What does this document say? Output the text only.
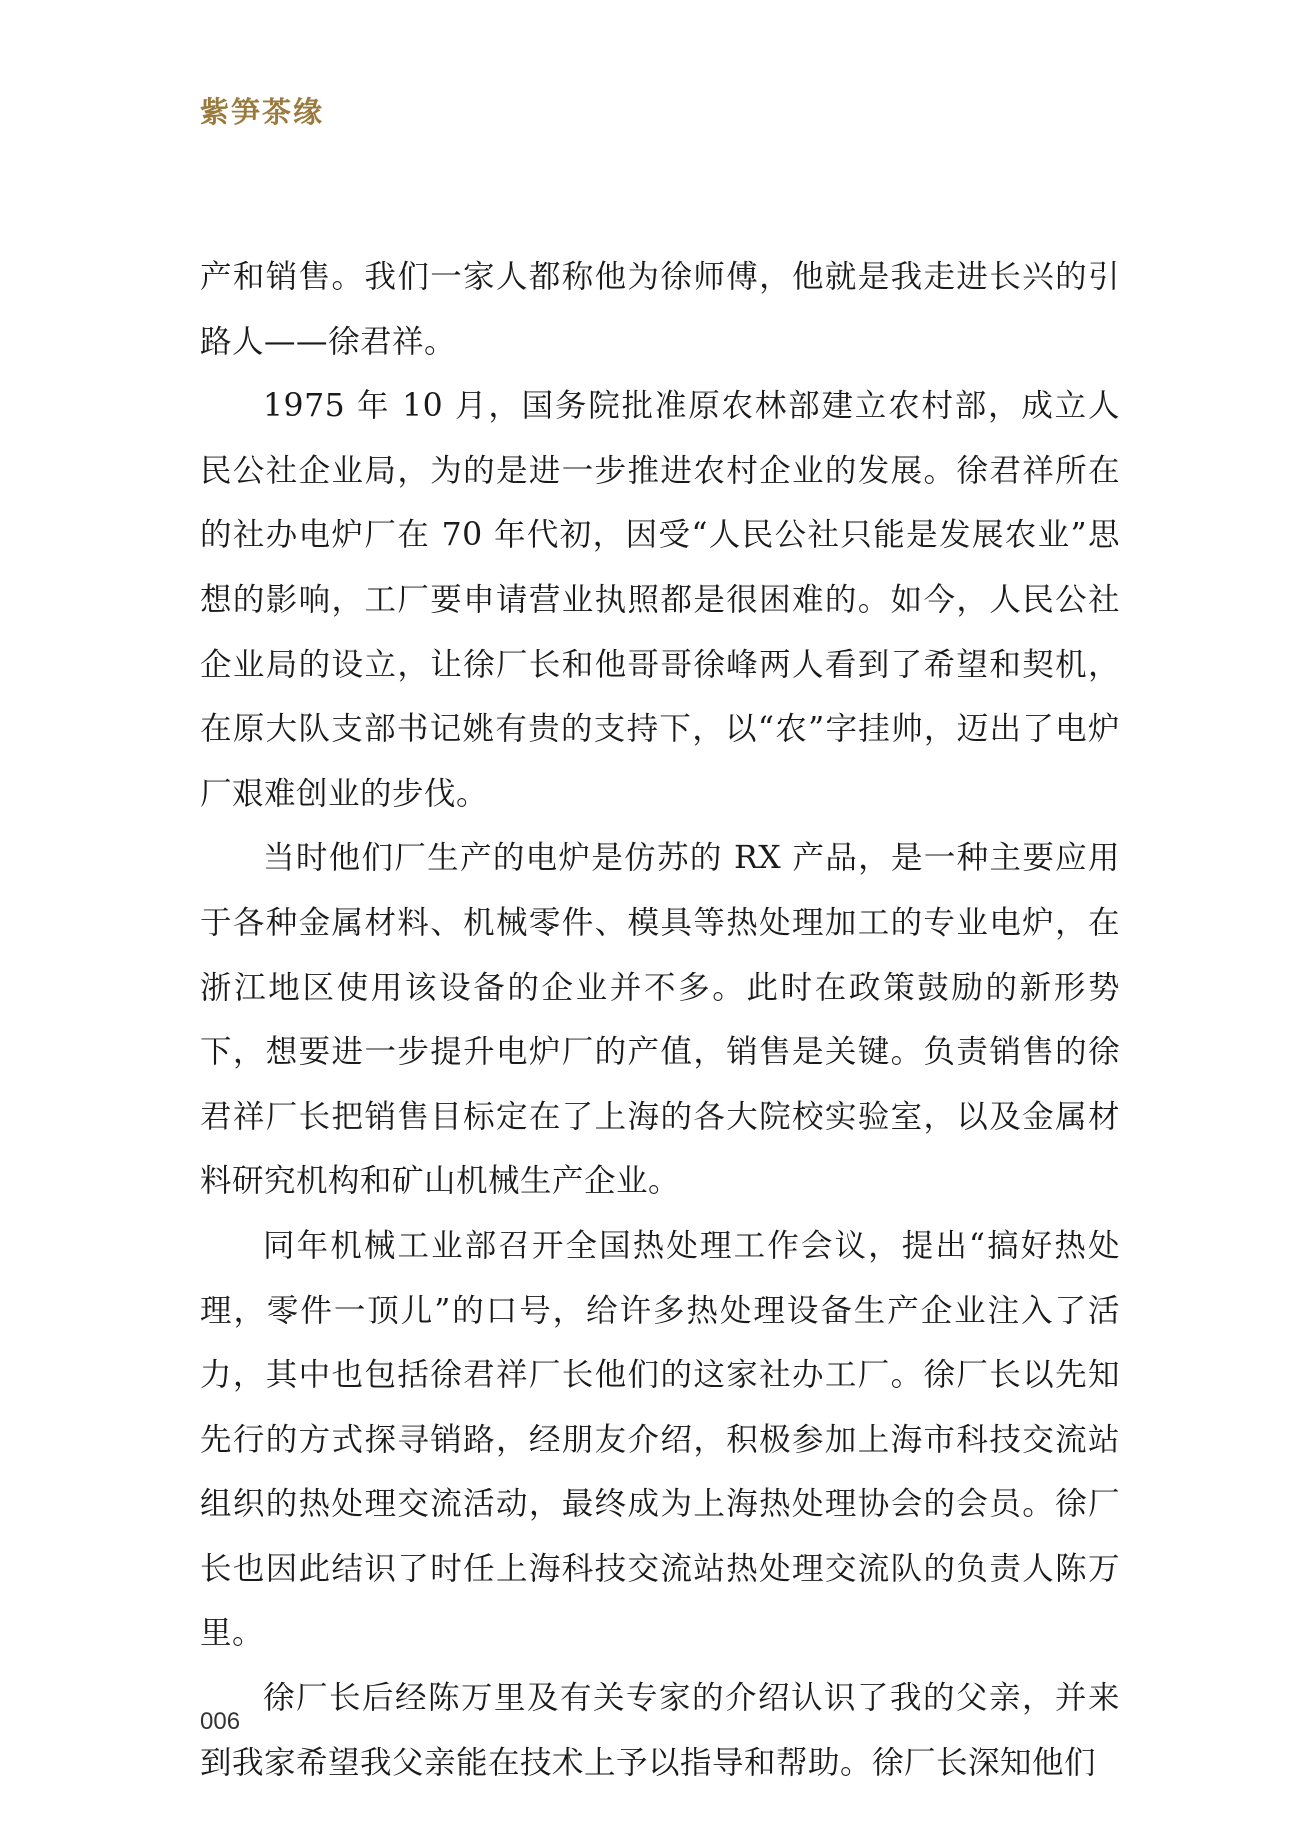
紫笋茶缘

产和销售。我们一家人都称他为徐师傅，他就是我走进长兴的引路人——徐君祥。

1975 年 10 月，国务院批准原农林部建立农村部，成立人民公社企业局，为的是进一步推进农村企业的发展。徐君祥所在的社办电炉厂在 70 年代初，因受“人民公社只能是发展农业”思想的影响，工厂要申请营业执照都是很困难的。如今，人民公社企业局的设立，让徐厂长和他哥哥徐峰两人看到了希望和契机，在原大队支部书记姚有贵的支持下，以“农”字挂帅，迈出了电炉厂艰难创业的步伐。

当时他们厂生产的电炉是仿苏的 RX 产品，是一种主要应用于各种金属材料、机械零件、模具等热处理加工的专业电炉，在浙江地区使用该设备的企业并不多。此时在政策鼓励的新形势下，想要进一步提升电炉厂的产值，销售是关键。负责销售的徐君祥厂长把销售目标定在了上海的各大院校实验室，以及金属材料研究机构和矿山机械生产企业。

同年机械工业部召开全国热处理工作会议，提出“搞好热处理，零件一顶儿”的口号，给许多热处理设备生产企业注入了活力，其中也包括徐君祥厂长他们的这家社办工厂。徐厂长以先知先行的方式探寻销路，经朋友介绍，积极参加上海市科技交流站组织的热处理交流活动，最终成为上海热处理协会的会员。徐厂长也因此结识了时任上海科技交流站热处理交流队的负责人陈万里。

徐厂长后经陈万里及有关专家的介绍认识了我的父亲，并来到我家希望我父亲能在技术上予以指导和帮助。徐厂长深知他们

006
